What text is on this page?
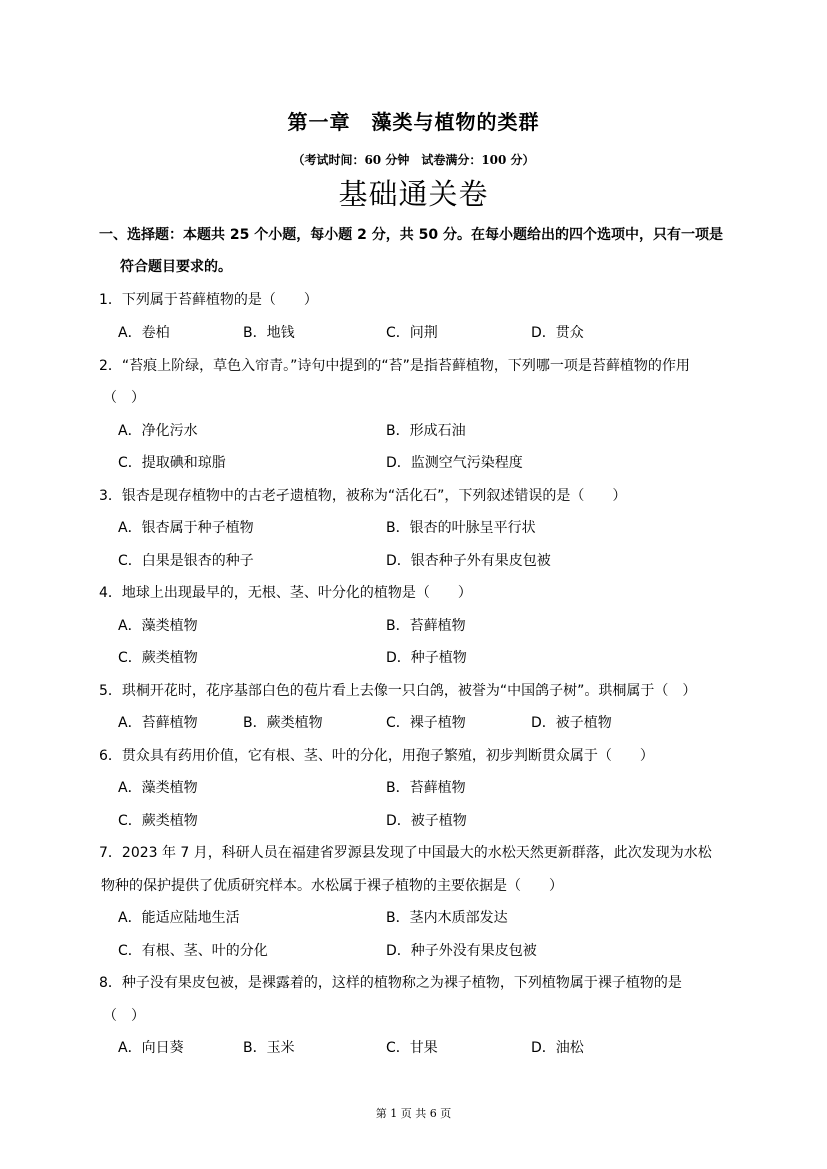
第一章　藻类与植物的类群
（考试时间：60 分钟　试卷满分：100 分）
基础通关卷
一、选择题：本题共 25 个小题，每小题 2 分，共 50 分。在每小题给出的四个选项中，只有一项是
符合题目要求的。
1．下列属于苔藓植物的是（　　）
A．卷柏	B．地钱	C．问荆	D．贯众
2．“苔痕上阶绿，草色入帘青。”诗句中提到的“苔”是指苔藓植物，下列哪一项是苔藓植物的作用
（　）
A．净化污水	B．形成石油
C．提取碘和琼脂	D．监测空气污染程度
3．银杏是现存植物中的古老孑遗植物，被称为“活化石”，下列叙述错误的是（　　）
A．银杏属于种子植物	B．银杏的叶脉呈平行状
C．白果是银杏的种子	D．银杏种子外有果皮包被
4．地球上出现最早的，无根、茎、叶分化的植物是（　　）
A．藻类植物	B．苔藓植物
C．蕨类植物	D．种子植物
5．珙桐开花时，花序基部白色的苞片看上去像一只白鸽，被誉为“中国鸽子树”。珙桐属于（　）
A．苔藓植物	B．蕨类植物	C．裸子植物	D．被子植物
6．贯众具有药用价值，它有根、茎、叶的分化，用孢子繁殖，初步判断贯众属于（　　）
A．藻类植物	B．苔藓植物
C．蕨类植物	D．被子植物
7．2023 年 7 月，科研人员在福建省罗源县发现了中国最大的水松天然更新群落，此次发现为水松
物种的保护提供了优质研究样本。水松属于裸子植物的主要依据是（　　）
A．能适应陆地生活	B．茎内木质部发达
C．有根、茎、叶的分化	D．种子外没有果皮包被
8．种子没有果皮包被，是裸露着的，这样的植物称之为裸子植物，下列植物属于裸子植物的是
（　）
A．向日葵	B．玉米	C．甘果	D．油松
第 1 页 共 6 页
